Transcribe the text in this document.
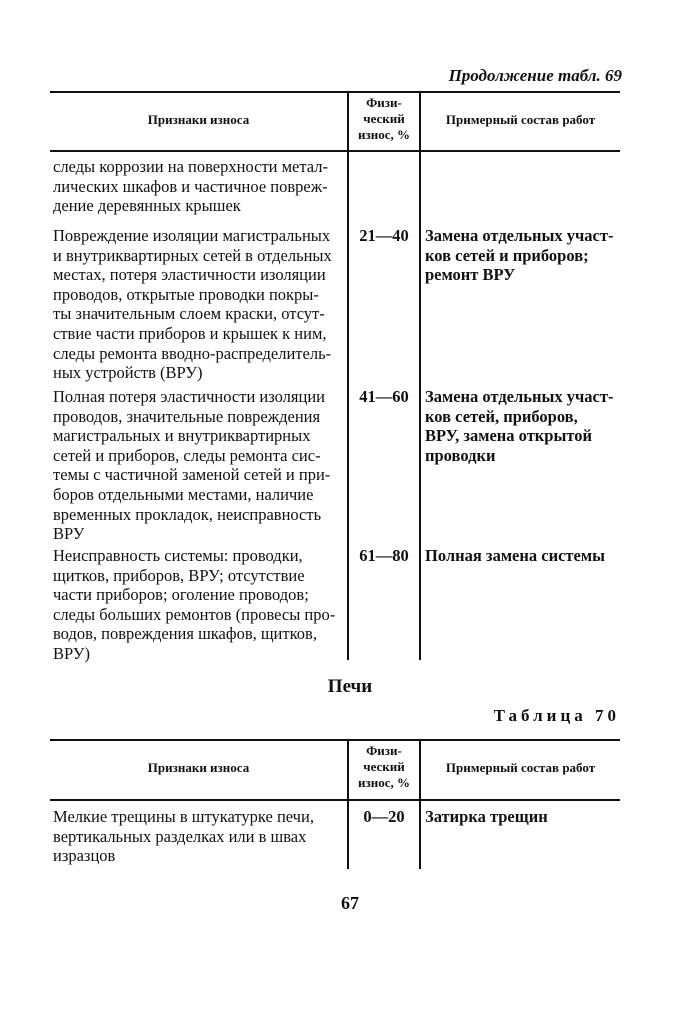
Продолжение табл. 69
Признаки износа
Физи-
ческий
износ, %
Примерный состав работ
следы коррозии на поверхности метал-
лических шкафов и частичное повреж-
дение деревянных крышек
Повреждение изоляции магистральных
и внутриквартирных сетей в отдельных
местах, потеря эластичности изоляции
проводов, открытые проводки покры-
ты значительным слоем краски, отсут-
ствие части приборов и крышек к ним,
следы ремонта вводно-распределитель-
ных устройств (ВРУ)
21—40 Замена отдельных участ-
ков сетей и приборов;
ремонт ВРУ
Полная потеря эластичности изоляции
проводов, значительные повреждения
магистральных и внутриквартирных
сетей и приборов, следы ремонта сис-
темы с частичной заменой сетей и при-
боров отдельными местами, наличие
временных прокладок, неисправность
ВРУ
41—60 Замена отдельных участ-
ков сетей, приборов,
ВРУ, замена открытой
проводки
Неисправность системы: проводки,
щитков, приборов, ВРУ; отсутствие
части приборов; оголение проводов;
следы больших ремонтов (провесы про-
водов, повреждения шкафов, щитков,
ВРУ)
61—80 Полная замена системы
Печи
Таблица 70
Признаки износа
Физи-
ческий
износ, %
Примерный состав работ
Мелкие трещины в штукатурке печи,
вертикальных разделках или в швах
изразцов
0—20	Затирка трещин
67
